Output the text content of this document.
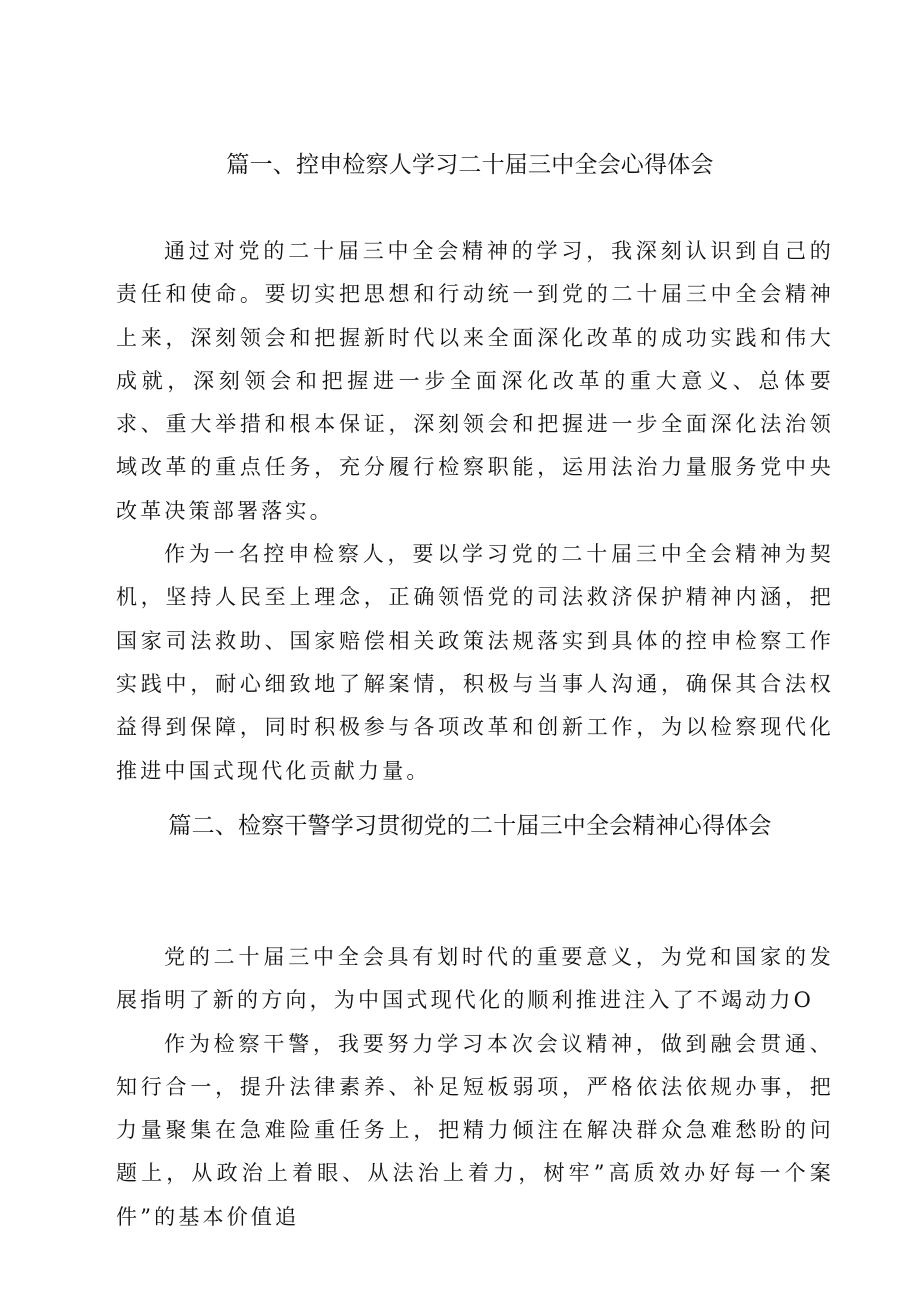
篇一、控申检察人学习二十届三中全会心得体会

通过对党的二十届三中全会精神的学习，我深刻认识到自己的责任和使命。要切实把思想和行动统一到党的二十届三中全会精神上来，深刻领会和把握新时代以来全面深化改革的成功实践和伟大成就，深刻领会和把握进一步全面深化改革的重大意义、总体要求、重大举措和根本保证，深刻领会和把握进一步全面深化法治领域改革的重点任务，充分履行检察职能，运用法治力量服务党中央改革决策部署落实。

作为一名控申检察人，要以学习党的二十届三中全会精神为契机，坚持人民至上理念，正确领悟党的司法救济保护精神内涵，把国家司法救助、国家赔偿相关政策法规落实到具体的控申检察工作实践中，耐心细致地了解案情，积极与当事人沟通，确保其合法权益得到保障，同时积极参与各项改革和创新工作，为以检察现代化推进中国式现代化贡献力量。

篇二、检察干警学习贯彻党的二十届三中全会精神心得体会

党的二十届三中全会具有划时代的重要意义，为党和国家的发展指明了新的方向，为中国式现代化的顺利推进注入了不竭动力O

作为检察干警，我要努力学习本次会议精神，做到融会贯通、知行合一，提升法律素养、补足短板弱项，严格依法依规办事，把力量聚集在急难险重任务上，把精力倾注在解决群众急难愁盼的问题上，从政治上着眼、从法治上着力，树牢”高质效办好每一个案件”的基本价值追
